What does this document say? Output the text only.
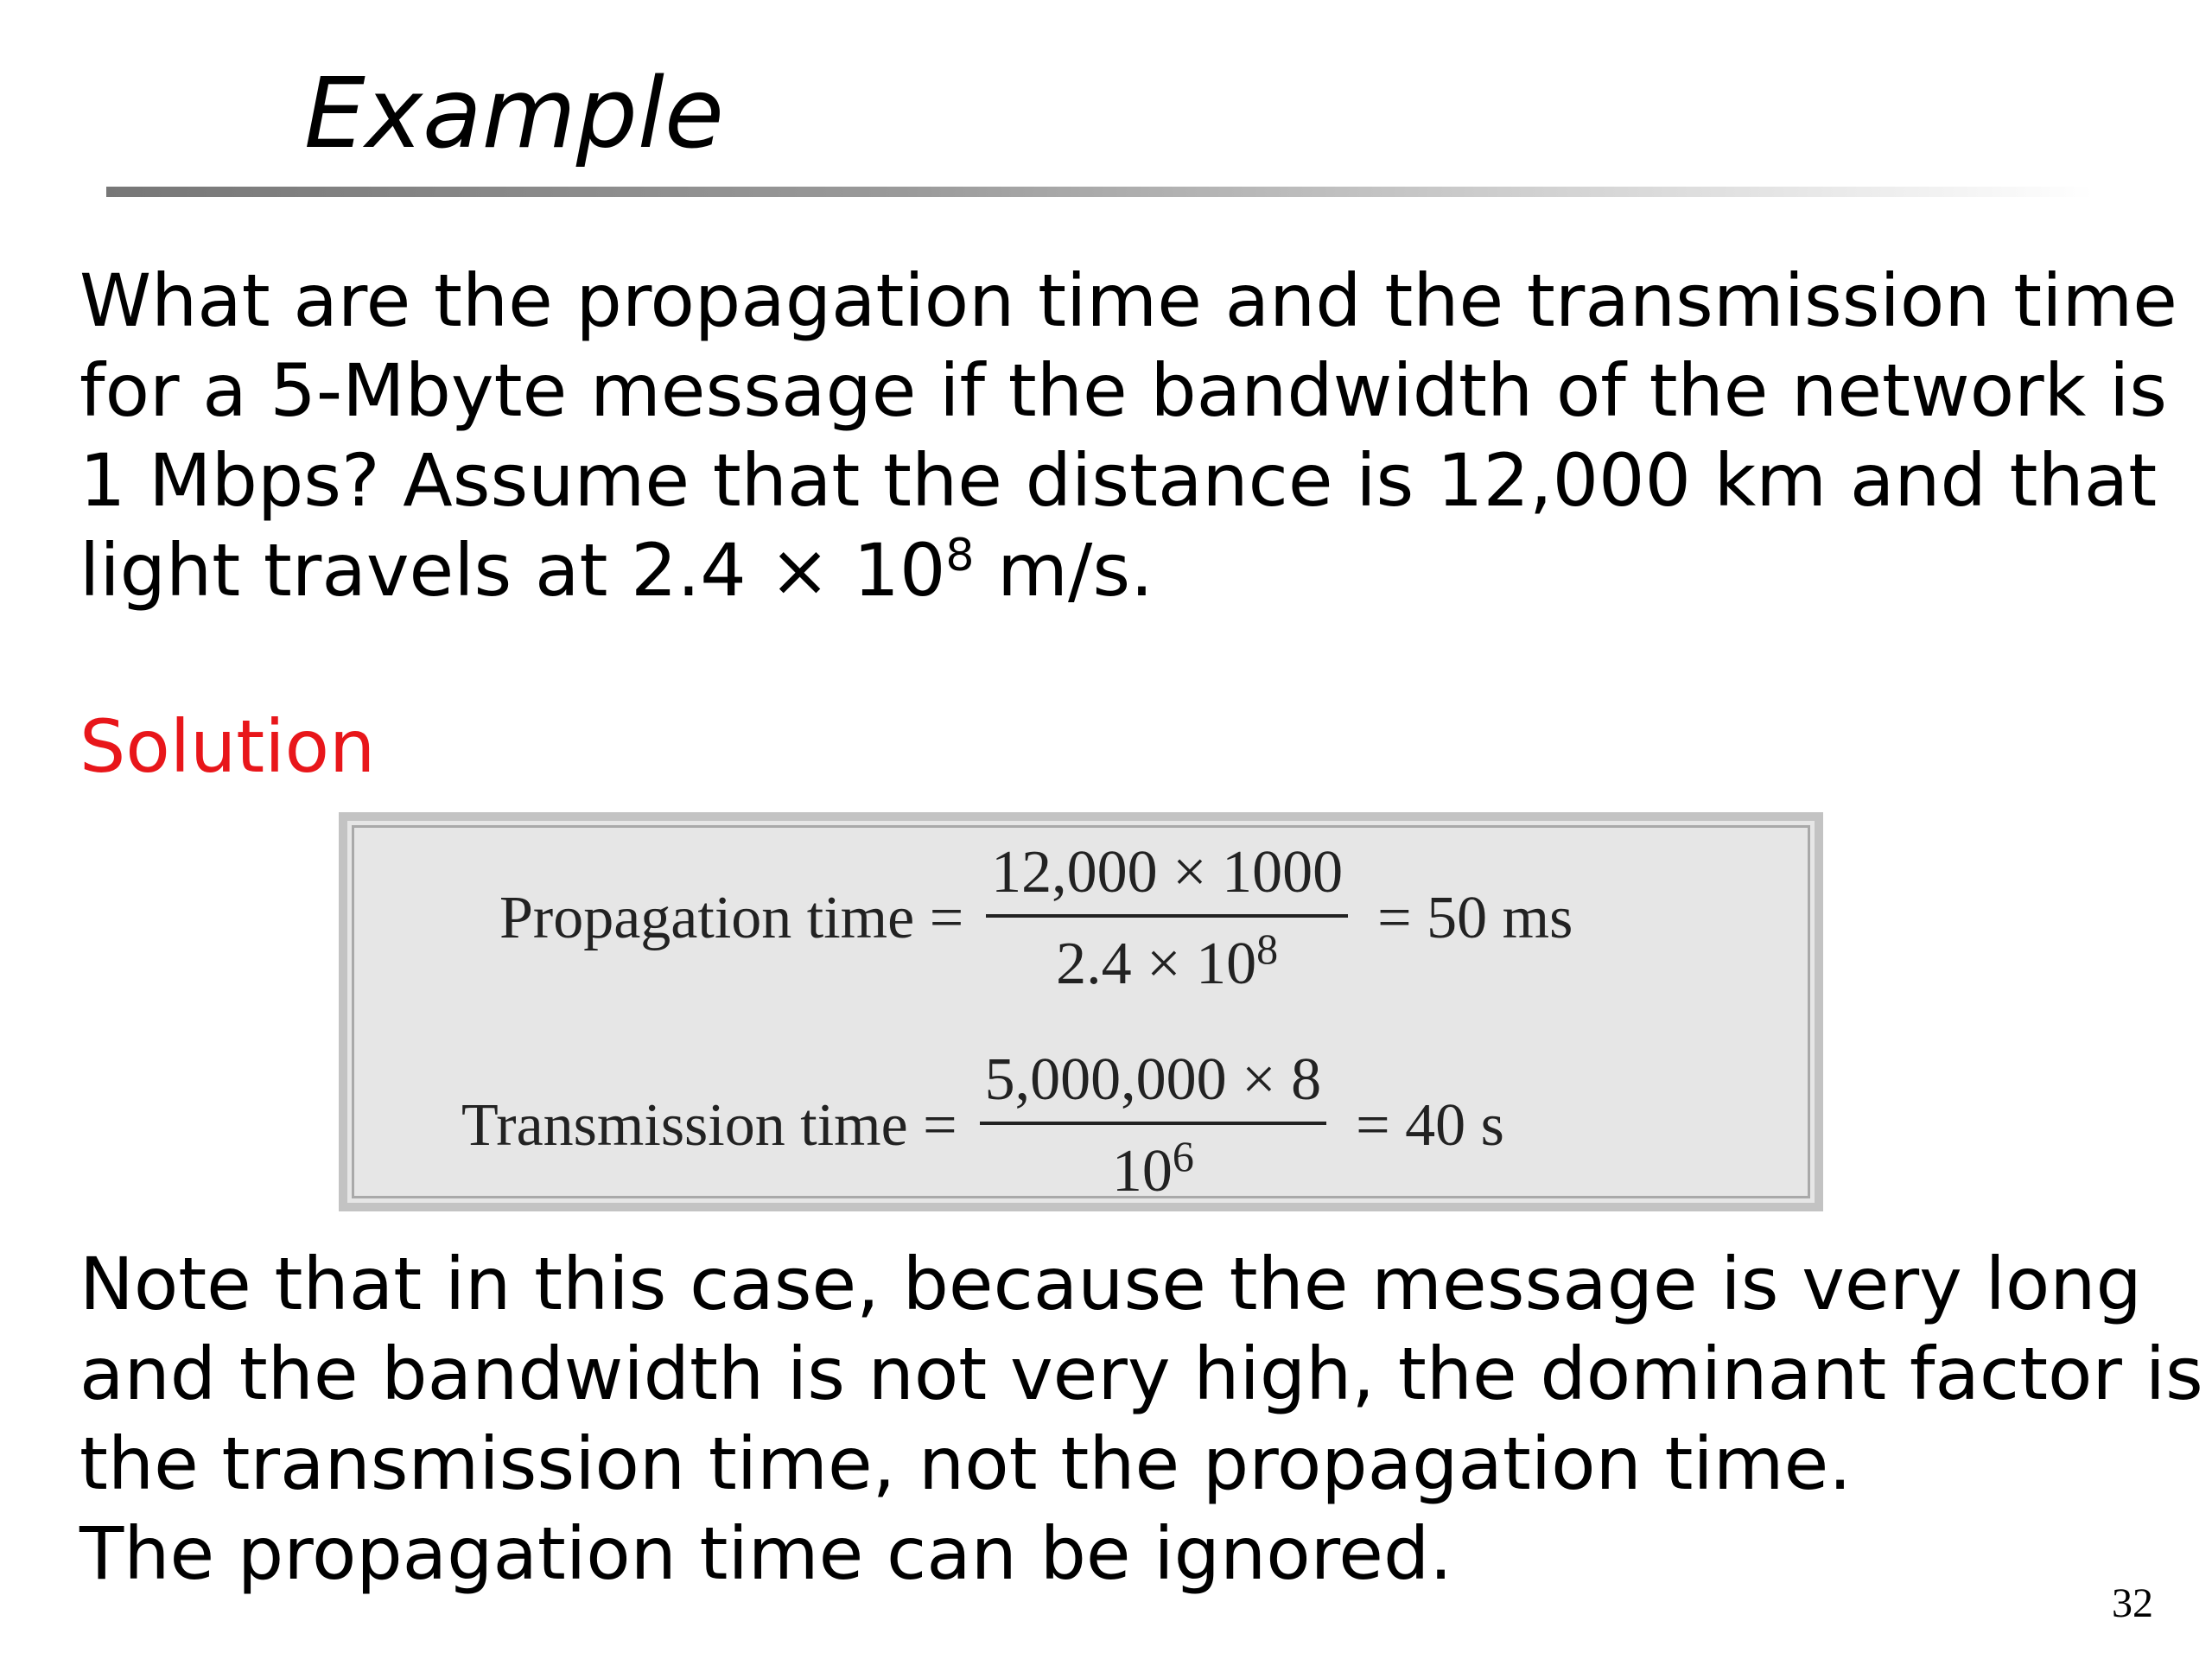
Example

What are the propagation time and the transmission time

for a 5-Mbyte message if the bandwidth of the network is

1 Mbps? Assume that the distance is 12,000 km and that

light travels at $2.4 \times 10^8$ m/s.

Solution
Propagation time = $\frac{12,000 \times 1000}{2.4 \times 10^8} = 50$ ms
Transmission time = $\frac{5,000,000 \times 8}{10^6} = 40$ s

Note that in this case, because the message is very long

and the bandwidth is not very high, the dominant factor is

the transmission time, not the propagation time.

The propagation time can be ignored.

32
